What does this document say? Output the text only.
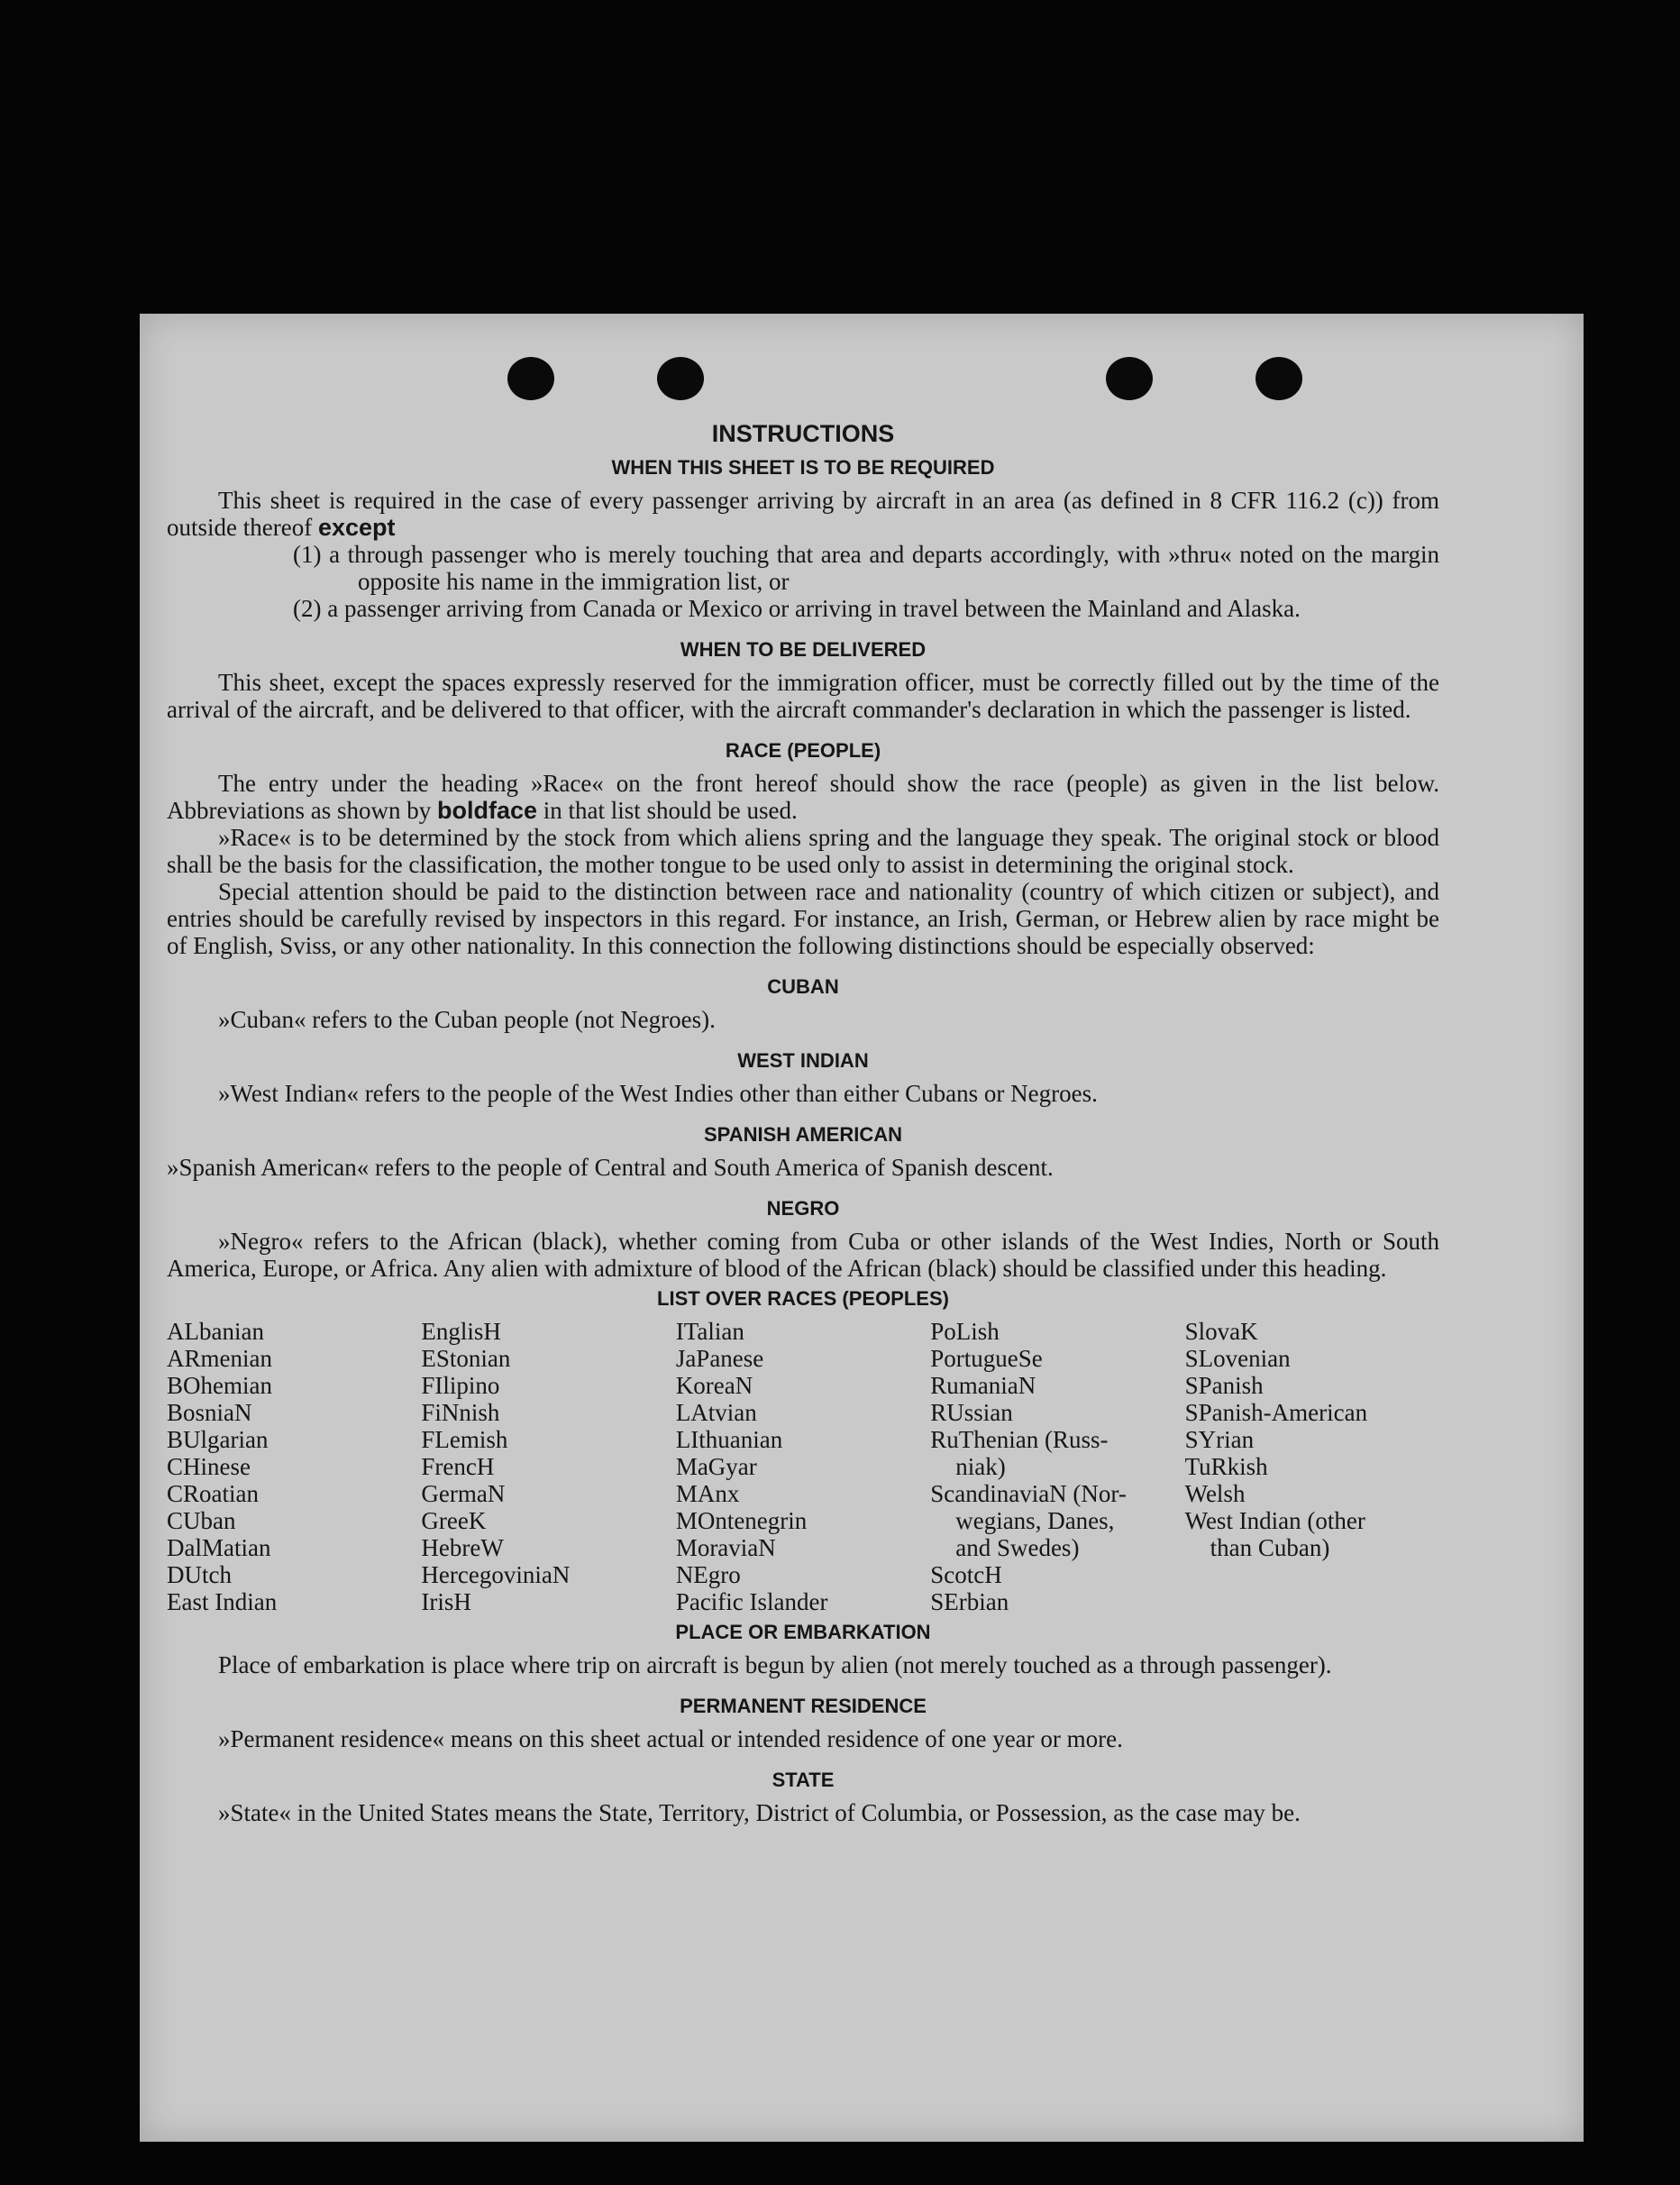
INSTRUCTIONS
WHEN THIS SHEET IS TO BE REQUIRED

This sheet is required in the case of every passenger arriving by aircraft in an area (as defined in 8 CFR 116.2 (c)) from outside thereof except

(1) a through passenger who is merely touching that area and departs accordingly, with »thru« noted on the margin opposite his name in the immigration list, or
(2) a passenger arriving from Canada or Mexico or arriving in travel between the Mainland and Alaska.
WHEN TO BE DELIVERED

This sheet, except the spaces expressly reserved for the immigration officer, must be correctly filled out by the time of the arrival of the aircraft, and be delivered to that officer, with the aircraft commander's declaration in which the passenger is listed.

RACE (PEOPLE)

The entry under the heading »Race« on the front hereof should show the race (people) as given in the list below. Abbreviations as shown by boldface in that list should be used.

»Race« is to be determined by the stock from which aliens spring and the language they speak. The original stock or blood shall be the basis for the classification, the mother tongue to be used only to assist in determining the original stock.

Special attention should be paid to the distinction between race and nationality (country of which citizen or subject), and entries should be carefully revised by inspectors in this regard. For instance, an Irish, German, or Hebrew alien by race might be of English, Sviss, or any other nationality. In this connection the following distinctions should be especially observed:

CUBAN

»Cuban« refers to the Cuban people (not Negroes).

WEST INDIAN

»West Indian« refers to the people of the West Indies other than either Cubans or Negroes.

SPANISH AMERICAN

»Spanish American« refers to the people of Central and South America of Spanish descent.

NEGRO

»Negro« refers to the African (black), whether coming from Cuba or other islands of the West Indies, North or South America, Europe, or Africa. Any alien with admixture of blood of the African (black) should be classified under this heading.

LIST OVER RACES (PEOPLES)
ALbanian
ARmenian
BOhemian
BosniaN
BUlgarian
CHinese
CRoatian
CUban
DalMatian
DUtch
East Indian
EnglisH
EStonian
FIlipino
FiNnish
FLemish
FrencH
GermaN
GreeK
HebreW
HercegoviniaN
IrisH
ITalian
JaPanese
KoreaN
LAtvian
LIthuanian
MaGyar
MAnx
MOntenegrin
MoraviaN
NEgro
Pacific Islander
PoLish
PortugueSe
RumaniaN
RUssian
RuThenian (Russ-
niak)
ScandinaviaN (Nor-
wegians, Danes,
and Swedes)
ScotcH
SErbian
SlovaK
SLovenian
SPanish
SPanish-American
SYrian
TuRkish
Welsh
West Indian (other
than Cuban)
PLACE OR EMBARKATION

Place of embarkation is place where trip on aircraft is begun by alien (not merely touched as a through passenger).

PERMANENT RESIDENCE

»Permanent residence« means on this sheet actual or intended residence of one year or more.

STATE

»State« in the United States means the State, Territory, District of Columbia, or Possession, as the case may be.
